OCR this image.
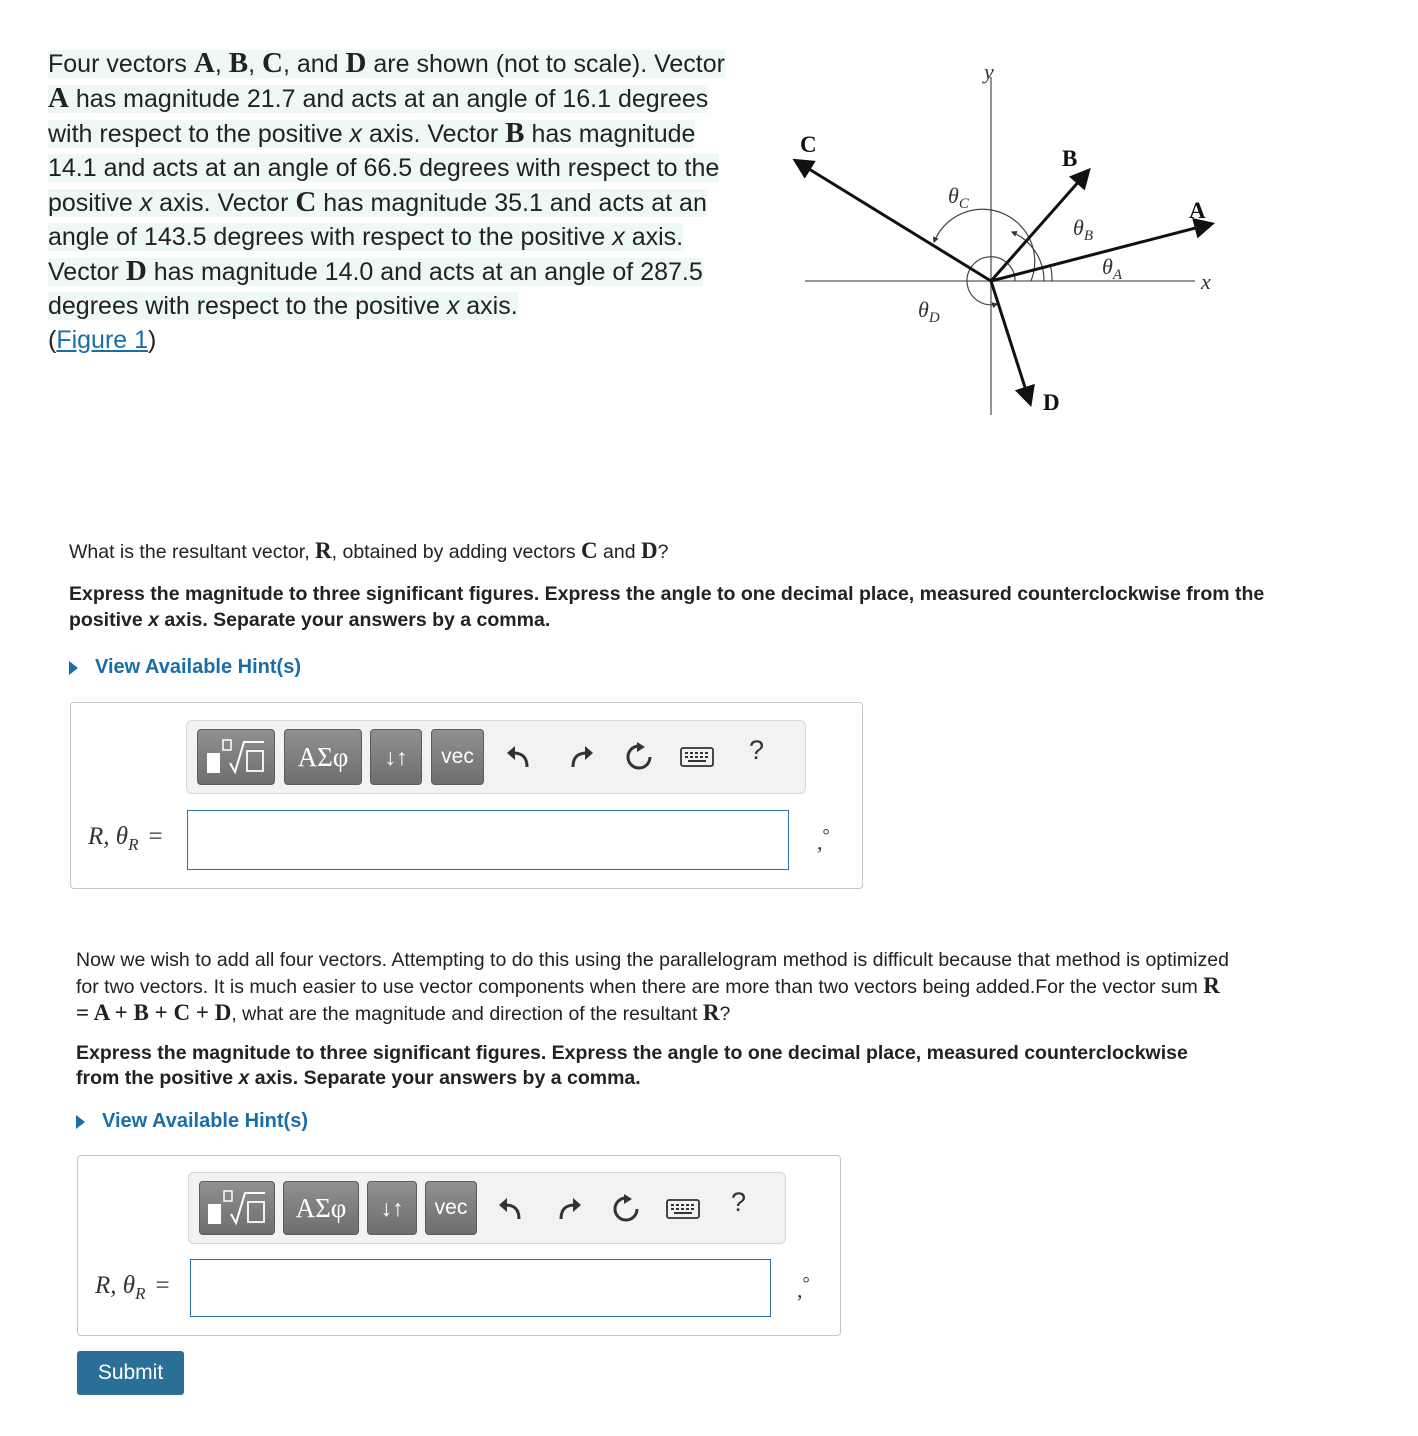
Four vectors A, B, C, and D are shown (not to scale). Vector A has magnitude 21.7 and acts at an angle of 16.1 degrees with respect to the positive x axis. Vector B has magnitude 14.1 and acts at an angle of 66.5 degrees with respect to the positive x axis. Vector C has magnitude 35.1 and acts at an angle of 143.5 degrees with respect to the positive x axis. Vector D has magnitude 14.0 and acts at an angle of 287.5 degrees with respect to the positive x axis.
(Figure 1)
y
x
A
B
C
D
$\theta_A$
$\theta_B$
$\theta_C$
$\theta_D$
What is the resultant vector, R, obtained by adding vectors C and D?
Express the magnitude to three significant figures. Express the angle to one decimal place, measured counterclockwise from the positive x axis. Separate your answers by a comma.
View Available Hint(s)
ΑΣφ	↓↑	vec	?
R, $\theta_R$ =	,°
Now we wish to add all four vectors. Attempting to do this using the parallelogram method is difficult because that method is optimized for two vectors. It is much easier to use vector components when there are more than two vectors being added.For the vector sum R = A + B + C + D, what are the magnitude and direction of the resultant R?
Express the magnitude to three significant figures. Express the angle to one decimal place, measured counterclockwise from the positive x axis. Separate your answers by a comma.
View Available Hint(s)
ΑΣφ	↓↑	vec	?
R, $\theta_R$ =	,°
Submit
